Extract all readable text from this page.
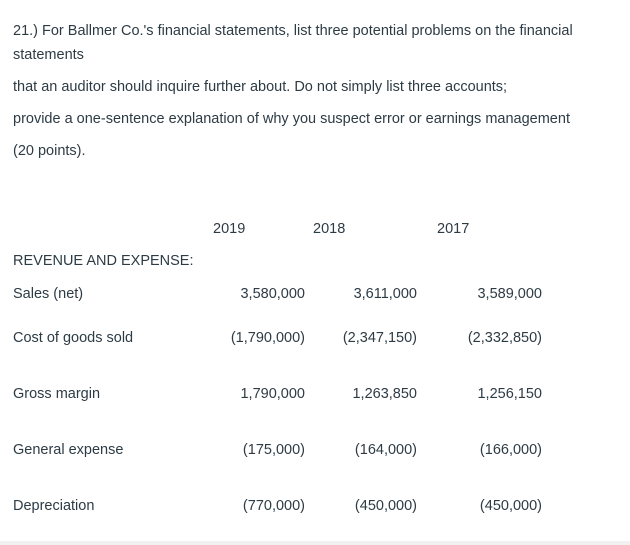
21.) For Ballmer Co.'s financial statements, list three potential problems on the financial statements

that an auditor should inquire further about. Do not simply list three accounts;

provide a one-sentence explanation of why you suspect error or earnings management

(20 points).

2019	2018	2017
REVENUE AND EXPENSE:
Sales (net)	3,580,000	3,611,000	3,589,000
Cost of goods sold	(1,790,000)	(2,347,150)	(2,332,850)
Gross margin	1,790,000	1,263,850	1,256,150
General expense	(175,000)	(164,000)	(166,000)
Depreciation	(770,000)	(450,000)	(450,000)
